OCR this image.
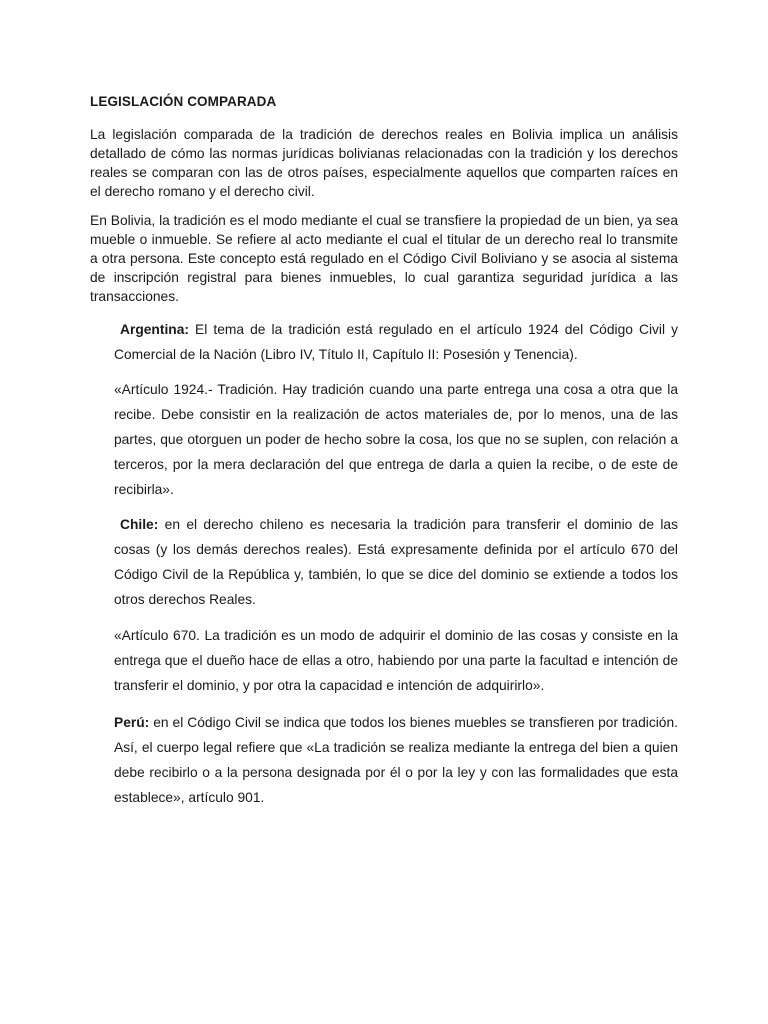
LEGISLACIÓN COMPARADA

La legislación comparada de la tradición de derechos reales en Bolivia implica un análisis detallado de cómo las normas jurídicas bolivianas relacionadas con la tradición y los derechos reales se comparan con las de otros países, especialmente aquellos que comparten raíces en el derecho romano y el derecho civil.

En Bolivia, la tradición es el modo mediante el cual se transfiere la propiedad de un bien, ya sea mueble o inmueble. Se refiere al acto mediante el cual el titular de un derecho real lo transmite a otra persona. Este concepto está regulado en el Código Civil Boliviano y se asocia al sistema de inscripción registral para bienes inmuebles, lo cual garantiza seguridad jurídica a las transacciones.

Argentina: El tema de la tradición está regulado en el artículo 1924 del Código Civil y Comercial de la Nación (Libro IV, Título II, Capítulo II: Posesión y Tenencia).

«Artículo 1924.- Tradición. Hay tradición cuando una parte entrega una cosa a otra que la recibe. Debe consistir en la realización de actos materiales de, por lo menos, una de las partes, que otorguen un poder de hecho sobre la cosa, los que no se suplen, con relación a terceros, por la mera declaración del que entrega de darla a quien la recibe, o de este de recibirla».

Chile: en el derecho chileno es necesaria la tradición para transferir el dominio de las cosas (y los demás derechos reales). Está expresamente definida por el artículo 670 del Código Civil de la República y, también, lo que se dice del dominio se extiende a todos los otros derechos Reales.

«Artículo 670. La tradición es un modo de adquirir el dominio de las cosas y consiste en la entrega que el dueño hace de ellas a otro, habiendo por una parte la facultad e intención de transferir el dominio, y por otra la capacidad e intención de adquirirlo».

Perú: en el Código Civil se indica que todos los bienes muebles se transfieren por tradición. Así, el cuerpo legal refiere que «La tradición se realiza mediante la entrega del bien a quien debe recibirlo o a la persona designada por él o por la ley y con las formalidades que esta establece», artículo 901.
